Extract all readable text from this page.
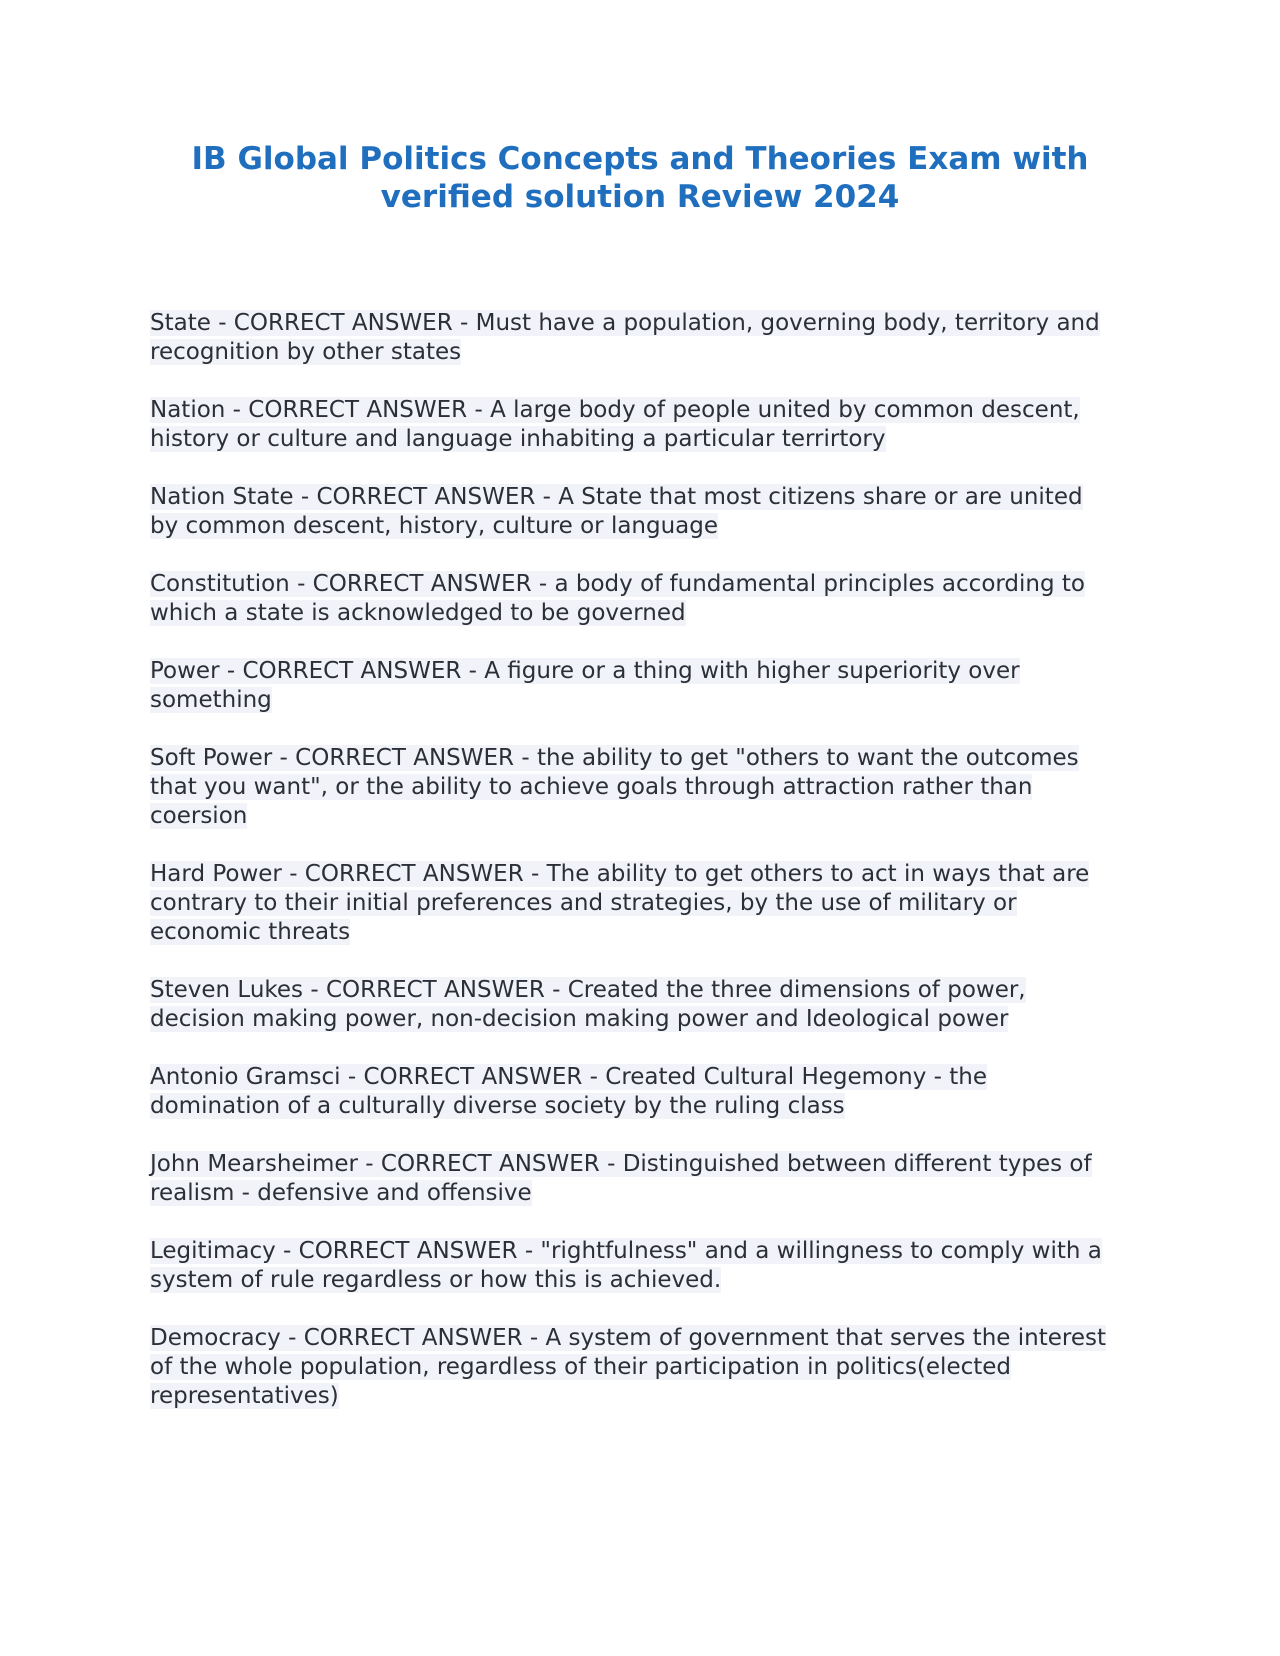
IB Global Politics Concepts and Theories Exam with verified solution Review 2024

State - CORRECT ANSWER - Must have a population, governing body, territory and recognition by other states

Nation - CORRECT ANSWER - A large body of people united by common descent, history or culture and language inhabiting a particular terrirtory

Nation State - CORRECT ANSWER - A State that most citizens share or are united by common descent, history, culture or language

Constitution - CORRECT ANSWER - a body of fundamental principles according to which a state is acknowledged to be governed

Power - CORRECT ANSWER - A figure or a thing with higher superiority over something

Soft Power - CORRECT ANSWER - the ability to get "others to want the outcomes that you want", or the ability to achieve goals through attraction rather than coersion

Hard Power - CORRECT ANSWER - The ability to get others to act in ways that are contrary to their initial preferences and strategies, by the use of military or economic threats

Steven Lukes - CORRECT ANSWER - Created the three dimensions of power, decision making power, non-decision making power and Ideological power

Antonio Gramsci - CORRECT ANSWER - Created Cultural Hegemony - the domination of a culturally diverse society by the ruling class

John Mearsheimer - CORRECT ANSWER - Distinguished between different types of realism - defensive and offensive

Legitimacy - CORRECT ANSWER - "rightfulness" and a willingness to comply with a system of rule regardless or how this is achieved.

Democracy - CORRECT ANSWER - A system of government that serves the interest of the whole population, regardless of their participation in politics(elected representatives)
